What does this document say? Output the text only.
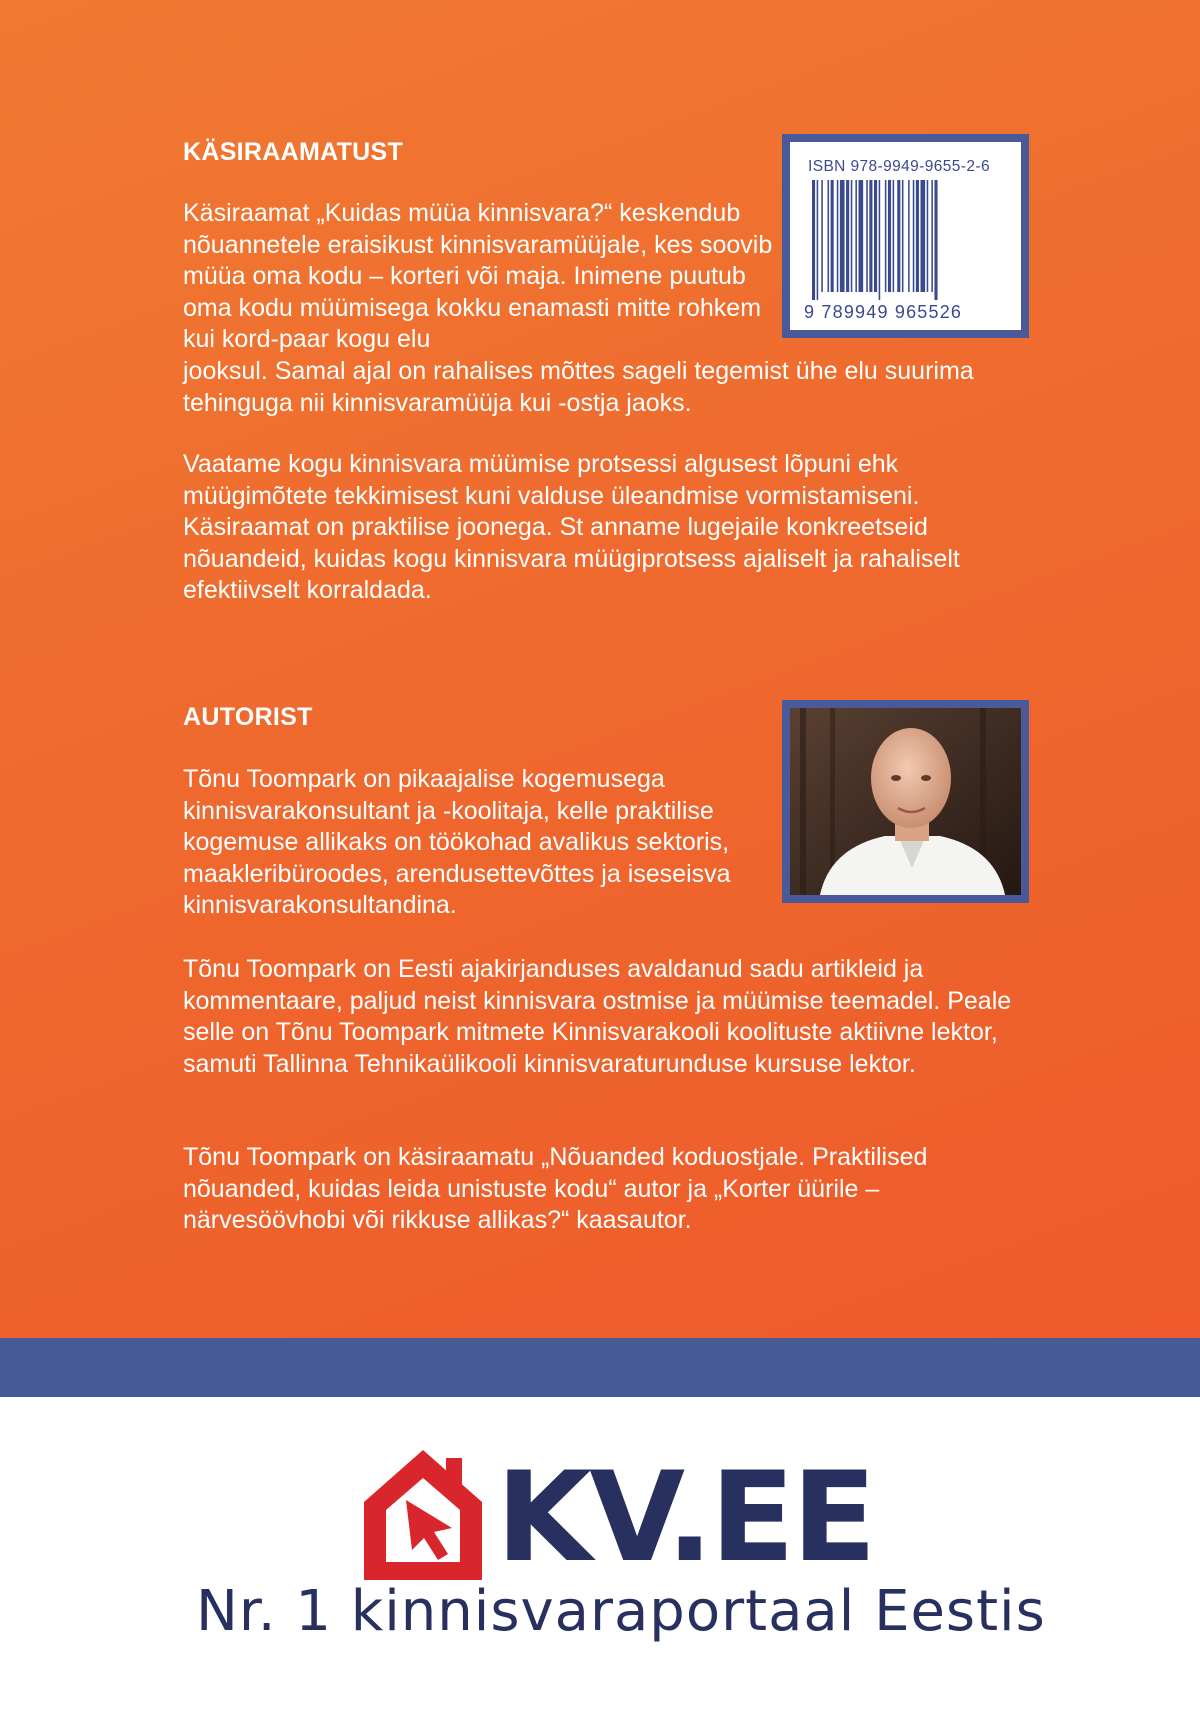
KÄSIRAAMATUST

Käsiraamat „Kuidas müüa kinnisvara?“ keskendub nõuannetele eraisikust kinnisvaramüüjale, kes soovib müüa oma kodu – korteri või maja. Inimene puutub oma kodu müümisega kokku enamasti mitte rohkem kui kord-paar kogu elu

jooksul. Samal ajal on rahalises mõttes sageli tegemist ühe elu suurima tehinguga nii kinnisvaramüüja kui -ostja jaoks.

Vaatame kogu kinnisvara müümise protsessi algusest lõpuni ehk müügimõtete tekkimisest kuni valduse üleandmise vormistamiseni. Käsiraamat on praktilise joonega. St anname lugejaile konkreetseid nõuandeid, kuidas kogu kinnisvara müügiprotsess ajaliselt ja rahaliselt efektiivselt korraldada.

ISBN 978-9949-9655-2-6
9 789949 965526
AUTORIST

Tõnu Toompark on pikaajalise kogemusega kinnisvarakonsultant ja -koolitaja, kelle praktilise kogemuse allikaks on töökohad avalikus sektoris, maakleribüroodes, arendusettevõttes ja iseseisva kinnisvarakonsultandina.

Tõnu Toompark on Eesti ajakirjanduses avaldanud sadu artikleid ja kommentaare, paljud neist kinnisvara ostmise ja müümise teemadel. Peale selle on Tõnu Toompark mitmete Kinnisvarakooli koolituste aktiivne lektor, samuti Tallinna Tehnikaülikooli kinnisvaraturunduse kursuse lektor.

Tõnu Toompark on käsiraamatu „Nõuanded koduostjale. Praktilised nõuanded, kuidas leida unistuste kodu“ autor ja „Korter üürile – närvesöövhobi või rikkuse allikas?“ kaasautor.

KV.EE

Nr. 1 kinnisvaraportaal Eestis
